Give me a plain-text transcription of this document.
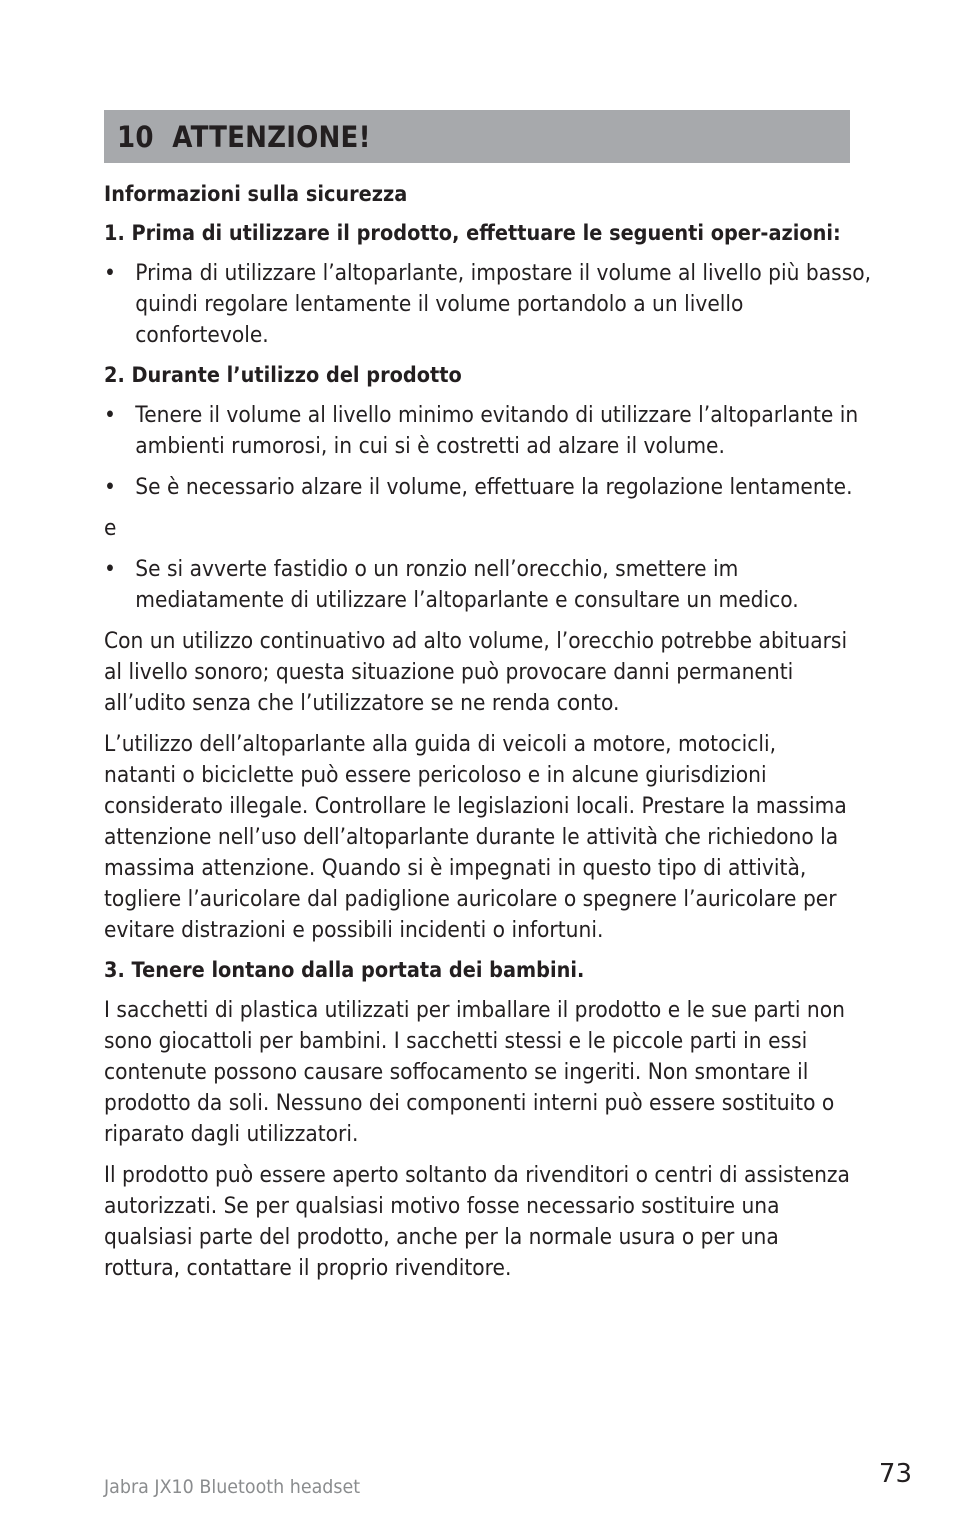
10 ATTENZIONE!
Informazioni sulla sicurezza
1. Prima di utilizzare il prodotto, effettuare le seguenti oper-azioni:
• Prima di utilizzare l’altoparlante, impostare il volume al livello più basso, quindi regolare lentamente il volume portandolo a un livello confortevole.
2. Durante l’utilizzo del prodotto
• Tenere il volume al livello minimo evitando di utilizzare l’altoparlante in ambienti rumorosi, in cui si è costretti ad alzare il volume.
• Se è necessario alzare il volume, effettuare la regolazione lentamente.
e
• Se si avverte fastidio o un ronzio nell’orecchio, smettere im mediatamente di utilizzare l’altoparlante e consultare un medico.
Con un utilizzo continuativo ad alto volume, l’orecchio potrebbe abituarsi al livello sonoro; questa situazione può provocare danni permanenti all’udito senza che l’utilizzatore se ne renda conto.
L’utilizzo dell’altoparlante alla guida di veicoli a motore, motocicli, natanti o biciclette può essere pericoloso e in alcune giurisdizioni considerato illegale. Controllare le legislazioni locali. Prestare la massima attenzione nell’uso dell’altoparlante durante le attività che richiedono la massima attenzione. Quando si è impegnati in questo tipo di attività, togliere l’auricolare dal padiglione auricolare o spegnere l’auricolare per evitare distrazioni e possibili incidenti o infortuni.
3. Tenere lontano dalla portata dei bambini.
I sacchetti di plastica utilizzati per imballare il prodotto e le sue parti non sono giocattoli per bambini. I sacchetti stessi e le piccole parti in essi contenute possono causare soffocamento se ingeriti. Non smontare il prodotto da soli. Nessuno dei componenti interni può essere sostituito o riparato dagli utilizzatori.
Il prodotto può essere aperto soltanto da rivenditori o centri di assistenza autorizzati. Se per qualsiasi motivo fosse necessario sostituire una qualsiasi parte del prodotto, anche per la normale usura o per una rottura, contattare il proprio rivenditore.
Jabra JX10 Bluetooth headset	73
